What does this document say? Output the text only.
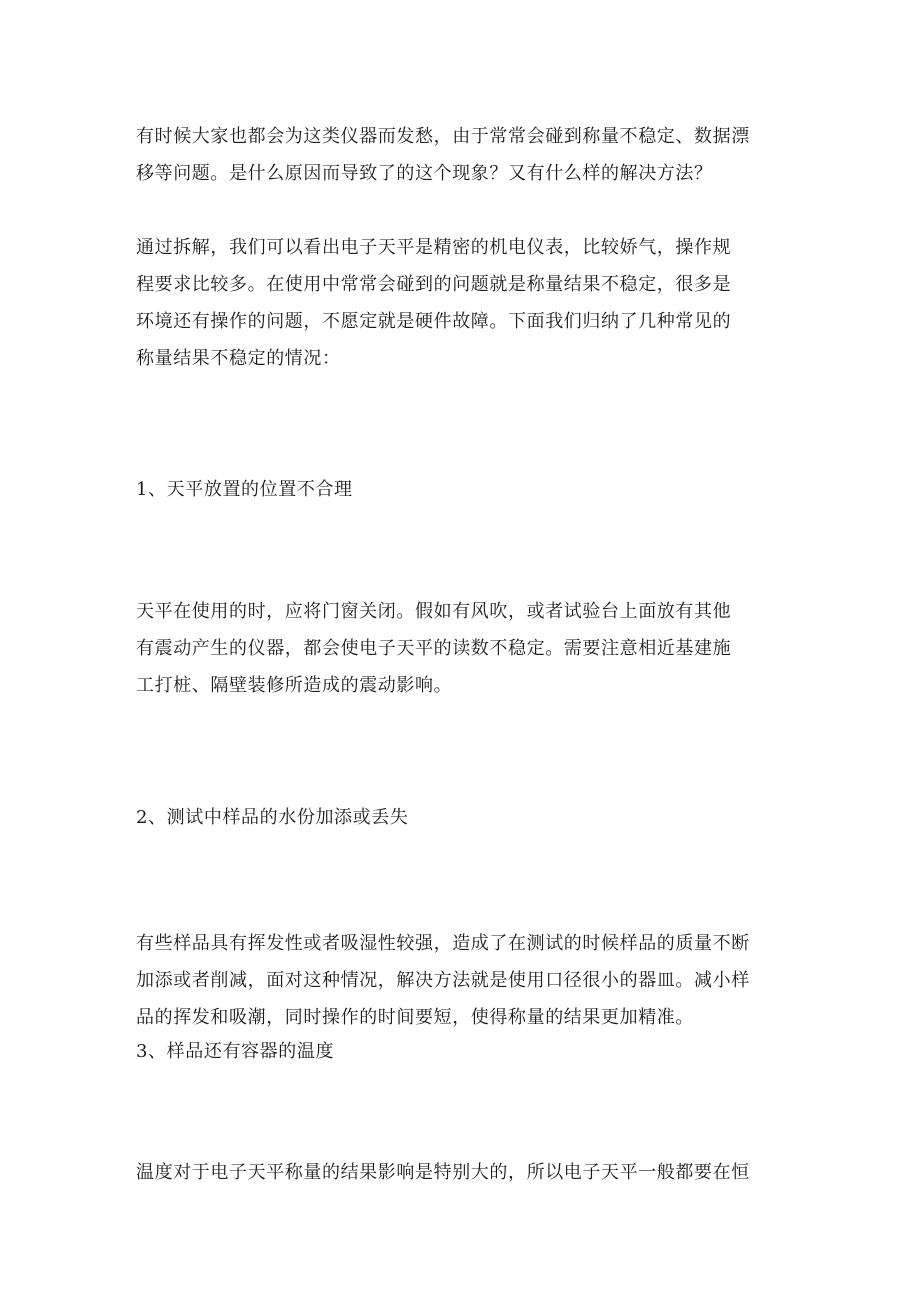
有时候大家也都会为这类仪器而发愁，由于常常会碰到称量不稳定、数据漂
移等问题。是什么原因而导致了的这个现象？又有什么样的解决方法？

通过拆解，我们可以看出电子天平是精密的机电仪表，比较娇气，操作规
程要求比较多。在使用中常常会碰到的问题就是称量结果不稳定，很多是
环境还有操作的问题，不愿定就是硬件故障。下面我们归纳了几种常见的
称量结果不稳定的情况：

1、天平放置的位置不合理

天平在使用的时，应将门窗关闭。假如有风吹，或者试验台上面放有其他
有震动产生的仪器，都会使电子天平的读数不稳定。需要注意相近基建施
工打桩、隔壁装修所造成的震动影响。

2、测试中样品的水份加添或丢失

有些样品具有挥发性或者吸湿性较强，造成了在测试的时候样品的质量不断
加添或者削减，面对这种情况，解决方法就是使用口径很小的器皿。减小样
品的挥发和吸潮，同时操作的时间要短，使得称量的结果更加精准。

3、样品还有容器的温度

温度对于电子天平称量的结果影响是特别大的，所以电子天平一般都要在恒
